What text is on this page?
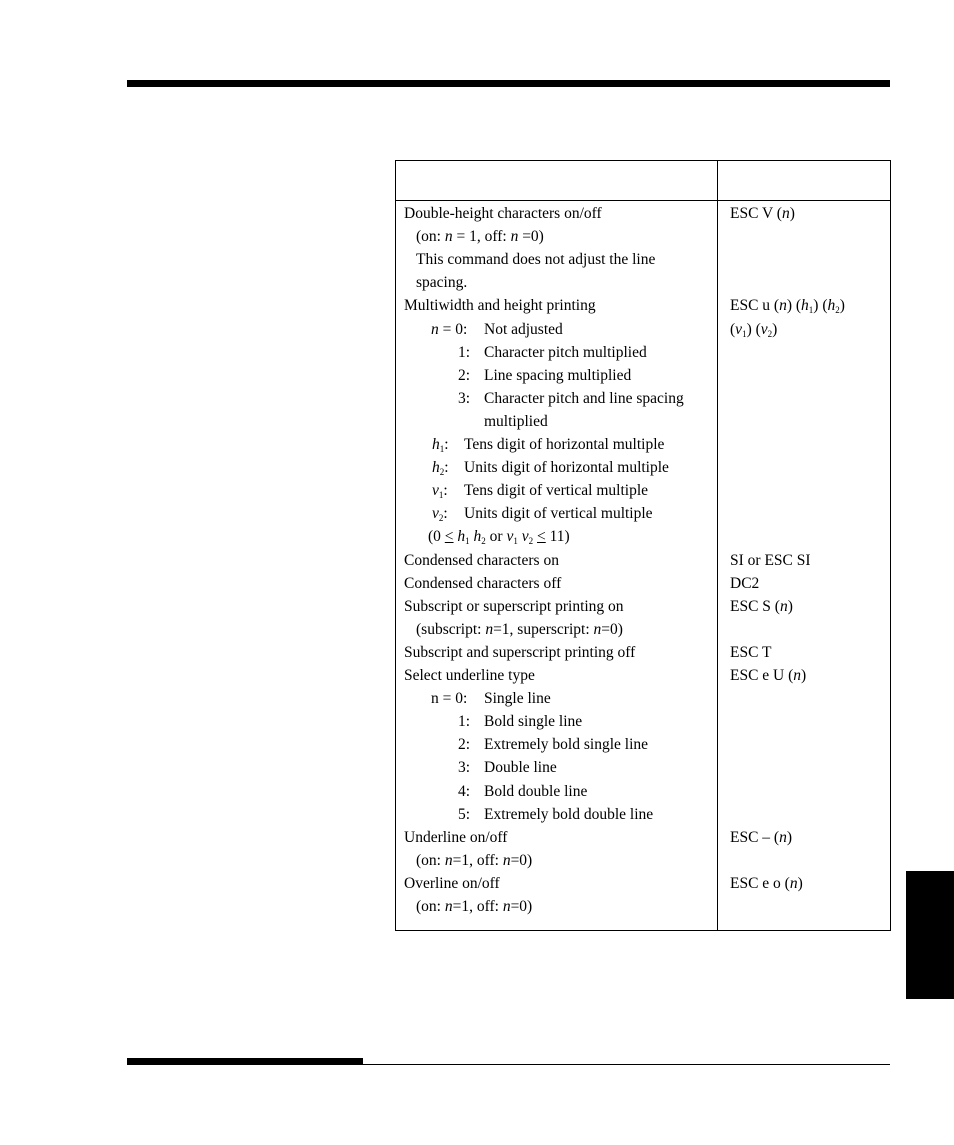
Double-height characters on/off
(on: n = 1, off: n =0)
This command does not adjust the line
spacing.
Multiwidth and height printing
n = 0: Not adjusted
1: Character pitch multiplied
2: Line spacing multiplied
3: Character pitch and line spacing
multiplied
$h_1$: Tens digit of horizontal multiple
$h_2$: Units digit of horizontal multiple
$v_1$: Tens digit of vertical multiple
$v_2$: Units digit of vertical multiple
($0 < h_1$ $h_2$ or $v_1$ $v_2 < 11$)
Condensed characters on
Condensed characters off
Subscript or superscript printing on
(subscript: n=1, superscript: n=0)
Subscript and superscript printing off
Select underline type
n = 0: Single line
1: Bold single line
2: Extremely bold single line
3: Double line
4: Bold double line
5: Extremely bold double line
Underline on/off
(on: n=1, off: n=0)
Overline on/off
(on: n=1, off: n=0)
ESC V (n)
ESC u (n) $(h_1)$ $(h_2)$
$(v_1)$ $(v_2)$
SI or ESC SI
DC2
ESC S (n)
ESC T
ESC e U (n)
ESC – (n)
ESC e o (n)
